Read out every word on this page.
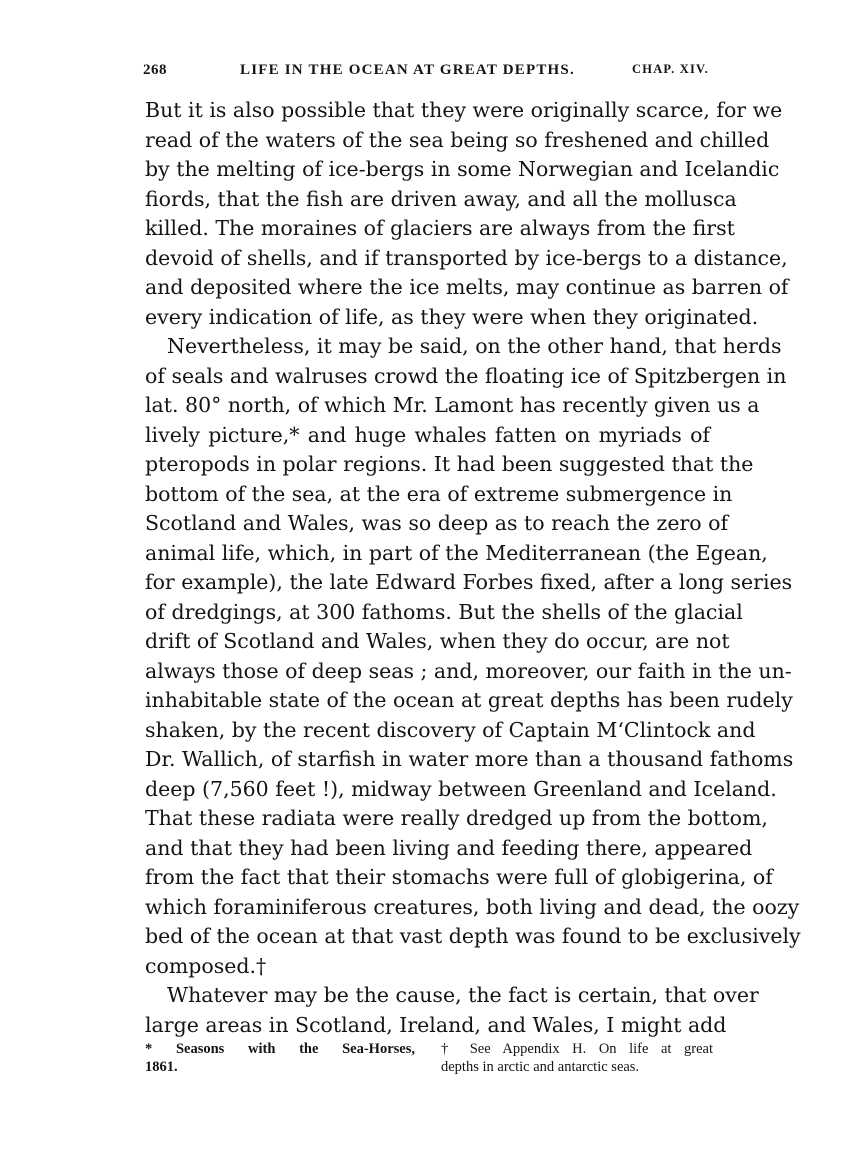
268	LIFE IN THE OCEAN AT GREAT DEPTHS.	CHAP. XIV.
But it is also possible that they were originally scarce, for we
read of the waters of the sea being so freshened and chilled
by the melting of ice-bergs in some Norwegian and Icelandic
fiords, that the fish are driven away, and all the mollusca
killed. The moraines of glaciers are always from the first
devoid of shells, and if transported by ice-bergs to a distance,
and deposited where the ice melts, may continue as barren of
every indication of life, as they were when they originated.
Nevertheless, it may be said, on the other hand, that herds
of seals and walruses crowd the floating ice of Spitzbergen in
lat. 80° north, of which Mr. Lamont has recently given us a
lively picture,* and huge whales fatten on myriads of
pteropods in polar regions. It had been suggested that the
bottom of the sea, at the era of extreme submergence in
Scotland and Wales, was so deep as to reach the zero of
animal life, which, in part of the Mediterranean (the Egean,
for example), the late Edward Forbes fixed, after a long series
of dredgings, at 300 fathoms. But the shells of the glacial
drift of Scotland and Wales, when they do occur, are not
always those of deep seas ; and, moreover, our faith in the un-
inhabitable state of the ocean at great depths has been rudely
shaken, by the recent discovery of Captain M‘Clintock and
Dr. Wallich, of starfish in water more than a thousand fathoms
deep (7,560 feet !), midway between Greenland and Iceland.
That these radiata were really dredged up from the bottom,
and that they had been living and feeding there, appeared
from the fact that their stomachs were full of globigerina, of
which foraminiferous creatures, both living and dead, the oozy
bed of the ocean at that vast depth was found to be exclusively
composed.†
Whatever may be the cause, the fact is certain, that over
large areas in Scotland, Ireland, and Wales, I might add
* Seasons with the Sea-Horses,
1861.
† See Appendix H. On life at great
depths in arctic and antarctic seas.
